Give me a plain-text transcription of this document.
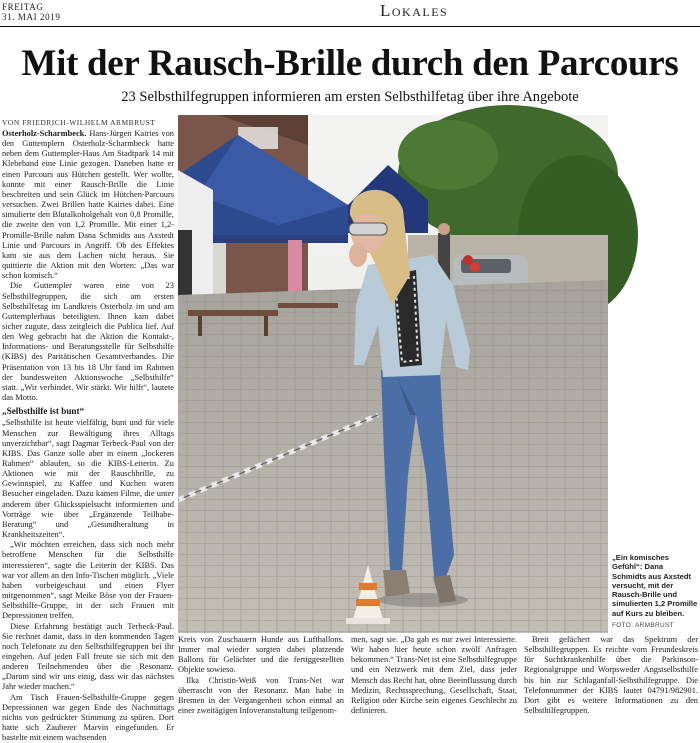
FREITAG
31. MAI 2019	Lokales
Mit der Rausch-Brille durch den Parcours
23 Selbsthilfegruppen informieren am ersten Selbsthilfetag über ihre Angebote
VON FRIEDRICH-WILHELM ARMBRUST

Osterholz-Scharmbeck. Hans-Jürgen Kairies von den Guttemplern Osterholz-Scharmbeck hatte neben dem Guttempler-Haus Am Stadtpark 14 mit Klebeband eine Linie gezogen. Daneben hatte er einen Parcours aus Hütchen gestellt. Wer wollte, konnte mit einer Rausch-Brille die Linie beschreiten und sein Glück im Hütchen-Parcours versuchen. Zwei Brillen hatte Kairies dabei. Eine simulierte den Blutalkoholgehalt von 0,8 Promille, die zweite den von 1,2 Promille. Mit einer 1,2-Promille-Brille nahm Dana Schmidts aus Axstedt Linie und Parcours in Angriff. Ob des Effektes kam sie aus dem Lachen nicht heraus. Sie quittierte die Aktion mit den Worten: „Das war schon komisch.“

Die Guttempler waren eine von 23 Selbsthilfegruppen, die sich am ersten Selbsthilfetag im Landkreis Osterholz im und am Guttemplerhaus beteiligten. Ihnen kam dabei sicher zugute, dass zeitgleich die Publica lief. Auf den Weg gebracht hat die Aktion die Kontakt-, Informations- und Beratungsstelle für Selbsthilfe (KIBS) des Paritätischen Gesamtverbandes. Die Präsentation von 13 bis 18 Uhr fand im Rahmen der bundesweiten Aktionswoche „Selbsthilfe“ statt. „Wir verbindet. Wir stärkt. Wir hilft“, lautete das Motto.

„Selbsthilfe ist bunt“

„Selbsthilfe ist heute vielfältig, bunt und für viele Menschen zur Bewältigung ihres Alltags unverzichtbar“, sagt Dagmar Terbeck-Paul von der KIBS. Das Ganze solle aber in einem „lockeren Rahmen“ ablaufen, so die KIBS-Leiterin. Zu Aktionen wie mit der Rauschbrille, zu Gewinnspiel, zu Kaffee und Kuchen waren Besucher eingeladen. Dazu kamen Filme, die unter anderem über Glücksspielsucht informierten und Vorträge wie über „Ergänzende Teilhabe-Beratung“ und „Gesundheraltung in Krankheitszeiten“.

„Wir möchten erreichen, dass sich noch mehr betroffene Menschen für die Selbsthilfe interessieren“, sagte die Leiterin der KIBS. Das war vor allem an den Info-Tischen möglich. „Viele haben vorbeigeschaut und einen Flyer mitgenommen“, sagt Meike Böse von der Frauen-Selbsthilfe-Gruppe, in der sich Frauen mit Depressionen treffen.

Diese Erfahrung bestätigt auch Terbeck-Paul. Sie rechnet damit, dass in den kommenden Tagen noch Telefonate zu den Selbsthilfegruppen bei ihr eingehen. Auf jeden Fall freute sie sich mit den anderen Teilnehmenden über die Resonanz. „Darum sind wir uns einig, dass wir das nächstes Jahr wieder machen.“

Am Tisch Frauen-Selbsthilfe-Gruppe gegen Depressionen war gegen Ende des Nachmittags nichts von gedrückter Stimmung zu spüren. Dort hatte sich Zauberer Marvin eingefunden. Er bastelte mit einem wachsenden

„Ein komisches Gefühl“: Dana Schmidts aus Axstedt versucht, mit der Rausch-Brille und simulierten 1,2 Promille auf Kurs zu bleiben.
FOTO: ARMBRUST

Kreis von Zuschauern Hunde aus Luftballons. Immer mal wieder sorgten dabei platzende Ballons für Gelächter und die fertiggestellten Objekte sowieso.

Ilka Christin-Weiß von Trans-Net war überrascht von der Resonanz. Man habe in Bremen in der Vergangenheit schon einmal an einer zweitägigen Infoveranstaltung teilgenom-

men, sagt sie. „Da gab es nur zwei Interessierte. Wir haben hier heute schon zwölf Anfragen bekommen.“ Trans-Net ist eine Selbsthilfegruppe und ein Netzwerk mit dem Ziel, dass jeder Mensch das Recht hat, ohne Beeinflussung durch Medizin, Rechtssprechung, Gesellschaft, Staat, Religion oder Kirche sein eigenes Geschlecht zu definieren.

Breit gefächert war das Spektrum der Selbsthilfegruppen. Es reichte vom Freundeskreis für Suchtkrankenhilfe über die Parkinson-Regionalgruppe und Worpsweder Angstselbsthilfe bis hin zur Schlaganfall-Selbsthilfegruppe. Die Telefonnummer der KIBS lautet 04791/982901. Dort gibt es weitere Informationen zu den Selbsthilfegruppen.
